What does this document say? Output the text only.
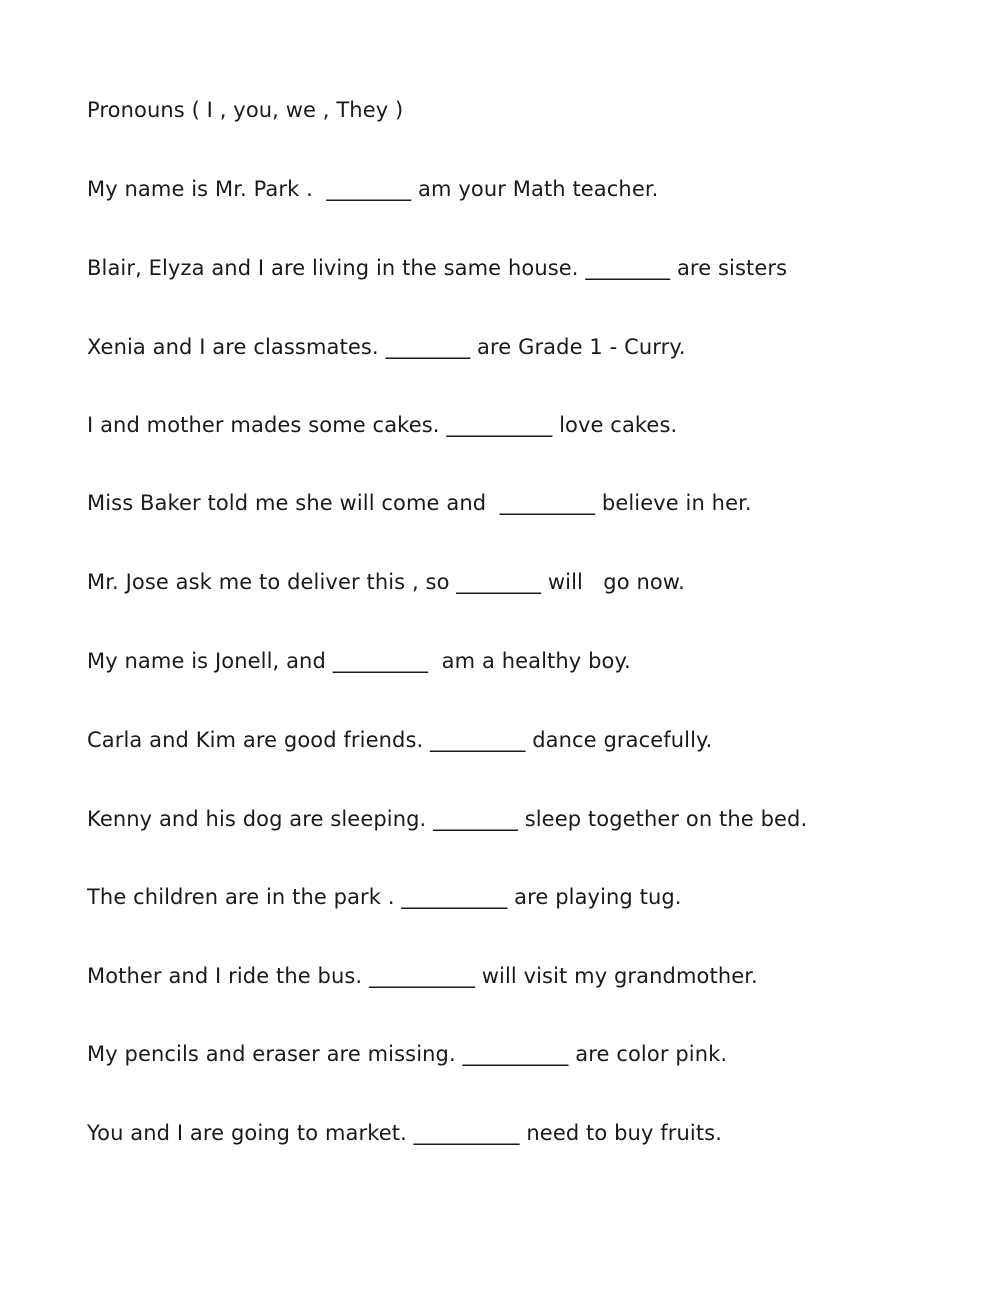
Pronouns ( I , you, we , They )
My name is Mr. Park .  ________ am your Math teacher.
Blair, Elyza and I are living in the same house. ________ are sisters
Xenia and I are classmates. ________ are Grade 1 - Curry.
I and mother mades some cakes. __________ love cakes.
Miss Baker told me she will come and  _________ believe in her.
Mr. Jose ask me to deliver this , so ________ will   go now.
My name is Jonell, and _________  am a healthy boy.
Carla and Kim are good friends. _________ dance gracefully.
Kenny and his dog are sleeping. ________ sleep together on the bed.
The children are in the park . __________ are playing tug.
Mother and I ride the bus. __________ will visit my grandmother.
My pencils and eraser are missing. __________ are color pink.
You and I are going to market. __________ need to buy fruits.
